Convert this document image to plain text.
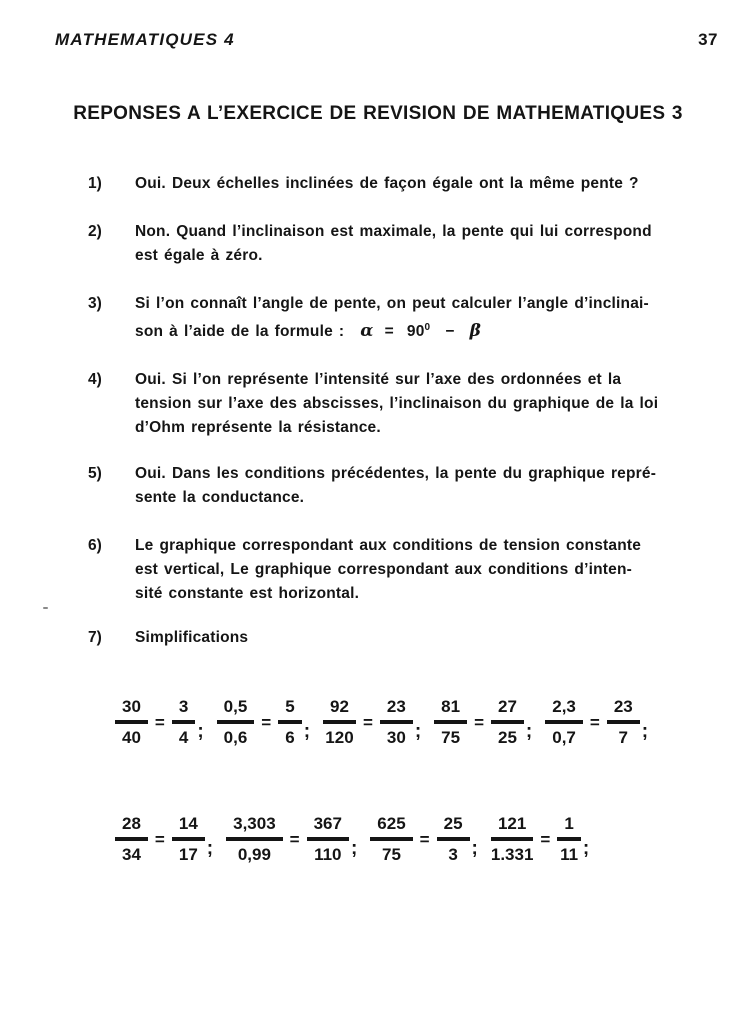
MATHEMATIQUES 4	37
REPONSES A L’EXERCICE DE REVISION DE MATHEMATIQUES 3
1)	Oui. Deux échelles inclinées de façon égale ont la même pente ?
2)	Non. Quand l’inclinaison est maximale, la pente qui lui correspond
est égale à zéro.
3)	Si l’on connaît l’angle de pente, on peut calculer l’angle d’inclinai-
son à l’aide de la formule : $\alpha = 90^0 - \beta$
4)	Oui. Si l’on représente l’intensité sur l’axe des ordonnées et la
tension sur l’axe des abscisses, l’inclinaison du graphique de la loi
d’Ohm représente la résistance.
5)	Oui. Dans les conditions précédentes, la pente du graphique repré-
sente la conductance.
6)	Le graphique correspondant aux conditions de tension constante
est vertical, Le graphique correspondant aux conditions d’inten-
sité constante est horizontal.
7)	Simplifications
$\frac{30}{40} = \frac{3}{4}$ ; $\frac{0,5}{0,6} = \frac{5}{6}$ ; $\frac{92}{120} = \frac{23}{30}$ ; $\frac{81}{75} = \frac{27}{25}$ ; $\frac{2,3}{0,7} = \frac{23}{7}$ ;
$\frac{28}{34} = \frac{14}{17}$ ; $\frac{3,303}{0,99} = \frac{367}{110}$ ; $\frac{625}{75} = \frac{25}{3}$ ; $\frac{121}{1.331} = \frac{1}{11}$ ;
